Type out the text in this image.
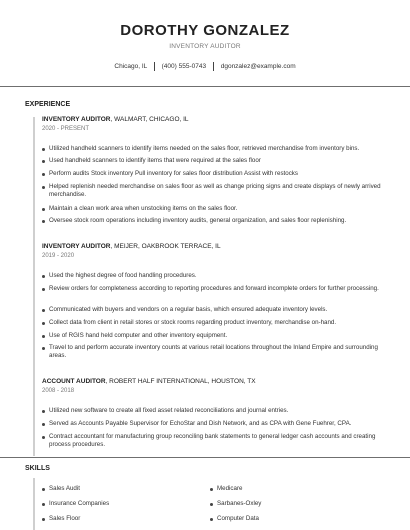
DOROTHY GONZALEZ
INVENTORY AUDITOR
Chicago, IL (400) 555-0743 dgonzalez@example.com
EXPERIENCE
INVENTORY AUDITOR, WALMART, CHICAGO, IL
2020 - PRESENT
Utilized handheld scanners to identify items needed on the sales floor, retrieved merchandise from inventory bins.
Used handheld scanners to identify items that were required at the sales floor
Perform audits Stock inventory Pull inventory for sales floor distribution Assist with restocks
Helped replenish needed merchandise on sales floor as well as change pricing signs and create displays of newly arrived merchandise.
Maintain a clean work area when unstocking items on the sales floor.
Oversee stock room operations including inventory audits, general organization, and sales floor replenishing.
INVENTORY AUDITOR, MEIJER, OAKBROOK TERRACE, IL
2019 - 2020
Used the highest degree of food handling procedures.
Review orders for completeness according to reporting procedures and forward incomplete orders for further processing.
Communicated with buyers and vendors on a regular basis, which ensured adequate inventory levels.
Collect data from client in retail stores or stock rooms regarding product inventory, merchandise on-hand.
Use of RGIS hand held computer and other inventory equipment.
Travel to and perform accurate inventory counts at various retail locations throughout the Inland Empire and surrounding areas.
ACCOUNT AUDITOR, ROBERT HALF INTERNATIONAL, HOUSTON, TX
2008 - 2018
Utilized new software to create all fixed asset related reconciliations and journal entries.
Served as Accounts Payable Supervisor for EchoStar and Dish Network, and as CPA with Gene Fuehrer, CPA.
Contract accountant for manufacturing group reconciling bank statements to general ledger cash accounts and creating process procedures.
SKILLS
Sales Audit
Insurance Companies
Sales Floor
Medicare
Sarbanes-Oxley
Computer Data
